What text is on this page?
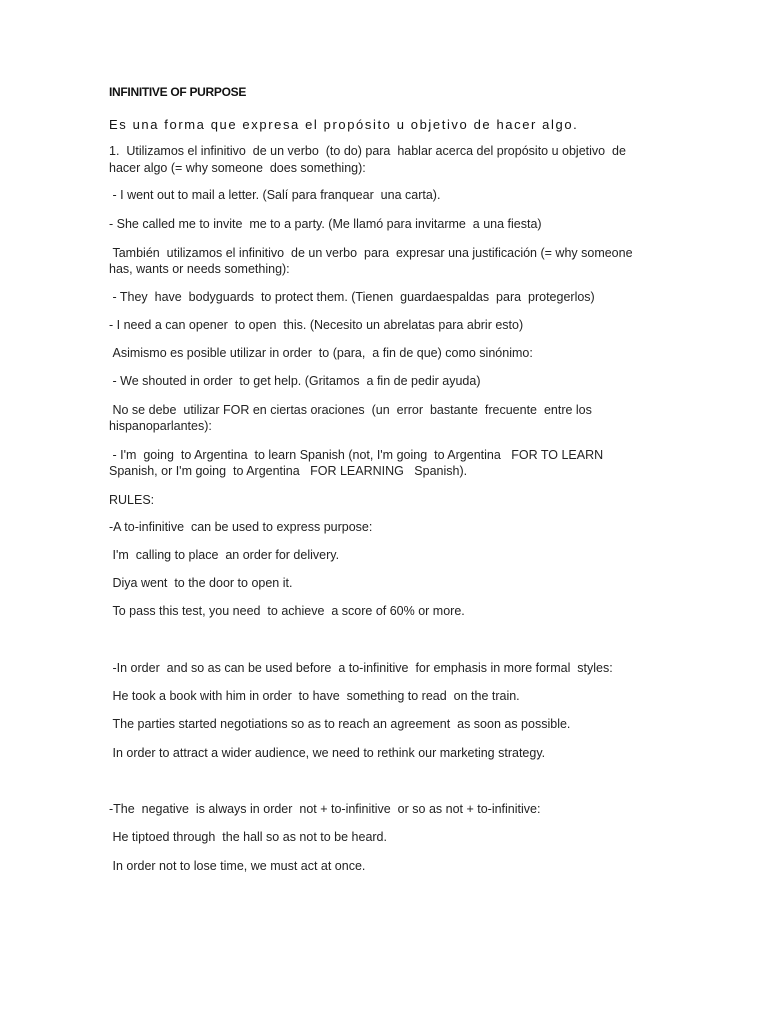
INFINITIVE OF PURPOSE

Es una forma que expresa el propósito u objetivo de hacer algo.

1.  Utilizamos el infinitivo  de un verbo  (to do) para  hablar acerca del propósito u objetivo  de

hacer algo (= why someone  does something):

- I went out to mail a letter. (Salí para franquear  una carta).

- She called me to invite  me to a party. (Me llamó para invitarme  a una fiesta)

También  utilizamos el infinitivo  de un verbo  para  expresar una justificación (= why someone

has, wants or needs something):

- They  have  bodyguards  to protect them. (Tienen  guardaespaldas  para  protegerlos)

- I need a can opener  to open  this. (Necesito un abrelatas para abrir esto)

Asimismo es posible utilizar in order  to (para,  a fin de que) como sinónimo:

- We shouted in order  to get help. (Gritamos  a fin de pedir ayuda)

No se debe  utilizar FOR en ciertas oraciones  (un  error  bastante  frecuente  entre los

hispanoparlantes):

- I'm  going  to Argentina  to learn Spanish (not, I'm going  to Argentina   FOR TO LEARN

Spanish, or I'm going  to Argentina   FOR LEARNING   Spanish).

RULES:

-A to-infinitive  can be used to express purpose:

I'm  calling to place  an order for delivery.

Diya went  to the door to open it.

To pass this test, you need  to achieve  a score of 60% or more.

-In order  and so as can be used before  a to-infinitive  for emphasis in more formal  styles:

He took a book with him in order  to have  something to read  on the train.

The parties started negotiations so as to reach an agreement  as soon as possible.

In order to attract a wider audience, we need to rethink our marketing strategy.

-The  negative  is always in order  not + to-infinitive  or so as not + to-infinitive:

He tiptoed through  the hall so as not to be heard.

In order not to lose time, we must act at once.
